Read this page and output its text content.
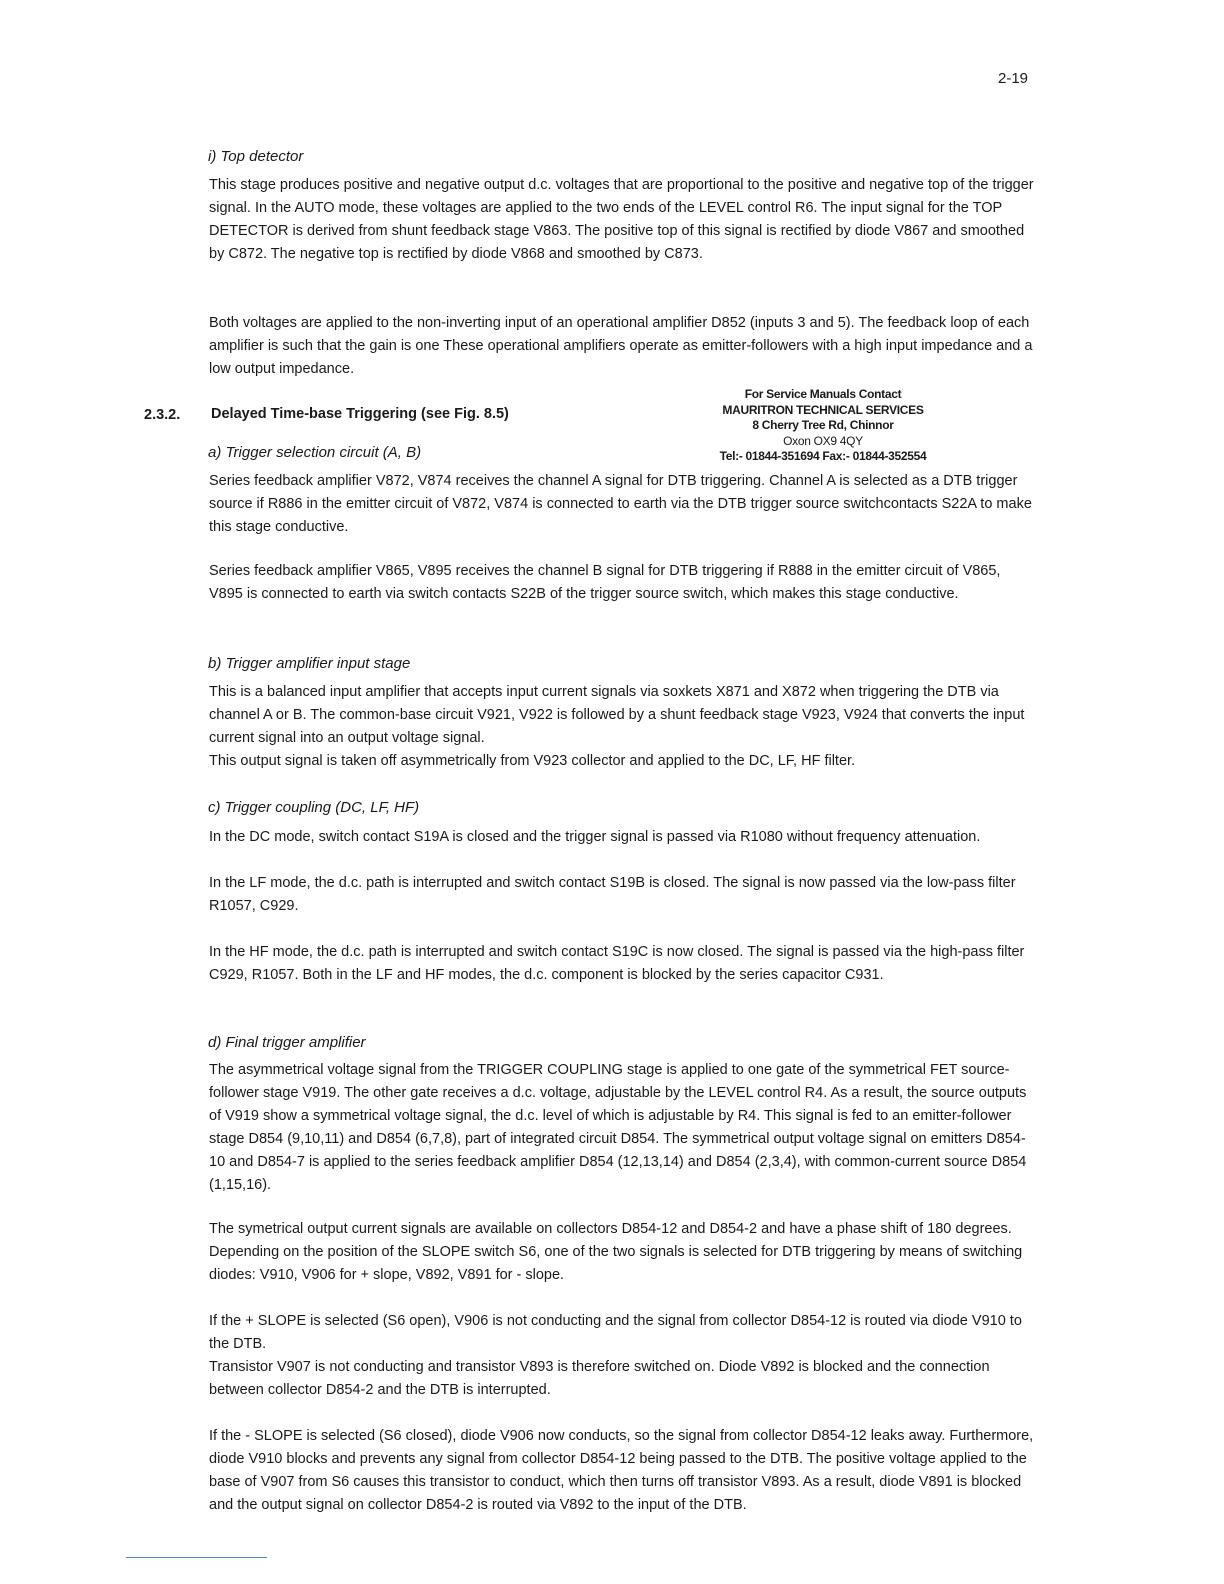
2-19
i) Top detector
This stage produces positive and negative output d.c. voltages that are proportional to the positive and negative top of the trigger signal. In the AUTO mode, these voltages are applied to the two ends of the LEVEL control R6. The input signal for the TOP DETECTOR is derived from shunt feedback stage V863. The positive top of this signal is rectified by diode V867 and smoothed by C872. The negative top is rectified by diode V868 and smoothed by C873.
Both voltages are applied to the non-inverting input of an operational amplifier D852 (inputs 3 and 5). The feedback loop of each amplifier is such that the gain is one These operational amplifiers operate as emitter-followers with a high input impedance and a low output impedance.
2.3.2. Delayed Time-base Triggering (see Fig. 8.5)
For Service Manuals Contact
MAURITRON TECHNICAL SERVICES
8 Cherry Tree Rd, Chinnor
Oxon OX9 4QY
Tel:- 01844-351694 Fax:- 01844-352554
a) Trigger selection circuit (A, B)
Series feedback amplifier V872, V874 receives the channel A signal for DTB triggering. Channel A is selected as a DTB trigger source if R886 in the emitter circuit of V872, V874 is connected to earth via the DTB trigger source switchcontacts S22A to make this stage conductive.
Series feedback amplifier V865, V895 receives the channel B signal for DTB triggering if R888 in the emitter circuit of V865, V895 is connected to earth via switch contacts S22B of the trigger source switch, which makes this stage conductive.
b) Trigger amplifier input stage
This is a balanced input amplifier that accepts input current signals via soxkets X871 and X872 when triggering the DTB via channel A or B. The common-base circuit V921, V922 is followed by a shunt feedback stage V923, V924 that converts the input current signal into an output voltage signal.
This output signal is taken off asymmetrically from V923 collector and applied to the DC, LF, HF filter.
c) Trigger coupling (DC, LF, HF)
In the DC mode, switch contact S19A is closed and the trigger signal is passed via R1080 without frequency attenuation.
In the LF mode, the d.c. path is interrupted and switch contact S19B is closed. The signal is now passed via the low-pass filter R1057, C929.
In the HF mode, the d.c. path is interrupted and switch contact S19C is now closed. The signal is passed via the high-pass filter C929, R1057. Both in the LF and HF modes, the d.c. component is blocked by the series capacitor C931.
d) Final trigger amplifier
The asymmetrical voltage signal from the TRIGGER COUPLING stage is applied to one gate of the symmetrical FET source-follower stage V919. The other gate receives a d.c. voltage, adjustable by the LEVEL control R4. As a result, the source outputs of V919 show a symmetrical voltage signal, the d.c. level of which is adjustable by R4. This signal is fed to an emitter-follower stage D854 (9,10,11) and D854 (6,7,8), part of integrated circuit D854. The symmetrical output voltage signal on emitters D854-10 and D854-7 is applied to the series feedback amplifier D854 (12,13,14) and D854 (2,3,4), with common-current source D854 (1,15,16).
The symetrical output current signals are available on collectors D854-12 and D854-2 and have a phase shift of 180 degrees. Depending on the position of the SLOPE switch S6, one of the two signals is selected for DTB triggering by means of switching diodes: V910, V906 for + slope, V892, V891 for - slope.
If the + SLOPE is selected (S6 open), V906 is not conducting and the signal from collector D854-12 is routed via diode V910 to the DTB.
Transistor V907 is not conducting and transistor V893 is therefore switched on. Diode V892 is blocked and the connection between collector D854-2 and the DTB is interrupted.
If the - SLOPE is selected (S6 closed), diode V906 now conducts, so the signal from collector D854-12 leaks away. Furthermore, diode V910 blocks and prevents any signal from collector D854-12 being passed to the DTB. The positive voltage applied to the base of V907 from S6 causes this transistor to conduct, which then turns off transistor V893. As a result, diode V891 is blocked and the output signal on collector D854-2 is routed via V892 to the input of the DTB.
